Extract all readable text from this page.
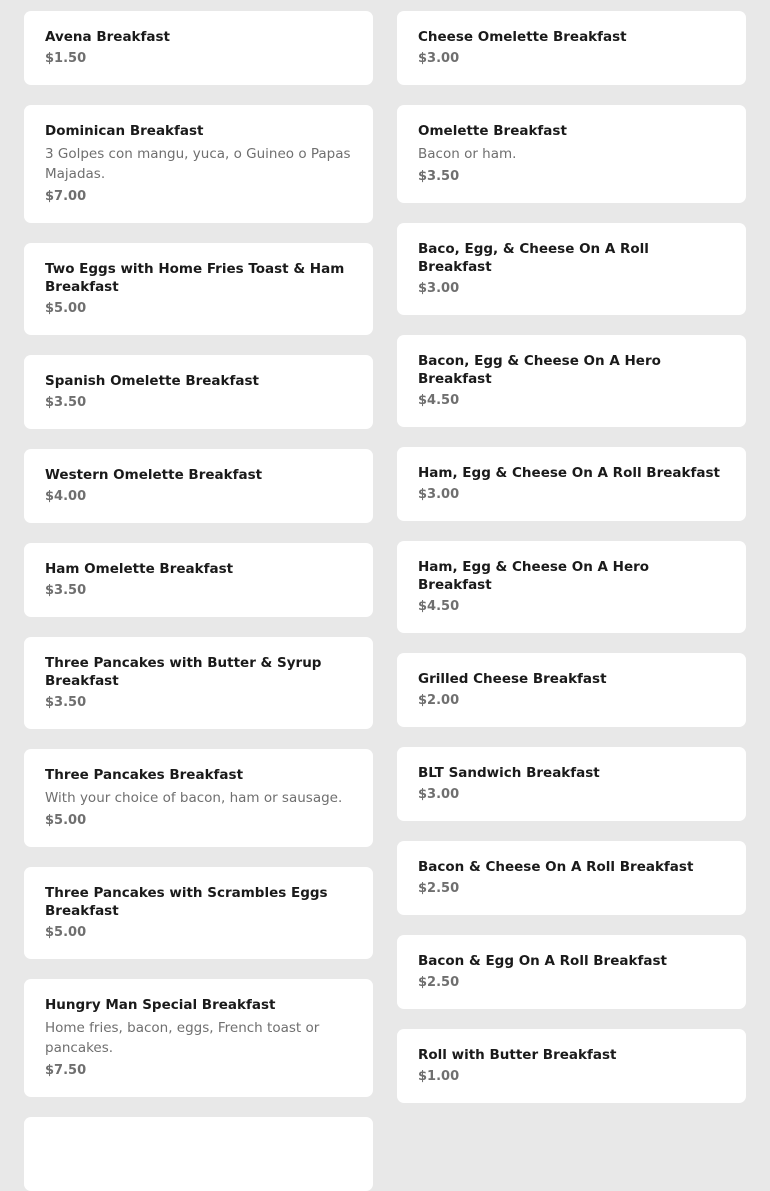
Avena Breakfast
$1.50
Dominican Breakfast
3 Golpes con mangu, yuca, o Guineo o Papas Majadas.
$7.00
Two Eggs with Home Fries Toast & Ham Breakfast
$5.00
Spanish Omelette Breakfast
$3.50
Western Omelette Breakfast
$4.00
Ham Omelette Breakfast
$3.50
Three Pancakes with Butter & Syrup Breakfast
$3.50
Three Pancakes Breakfast
With your choice of bacon, ham or sausage.
$5.00
Three Pancakes with Scrambles Eggs Breakfast
$5.00
Hungry Man Special Breakfast
Home fries, bacon, eggs, French toast or pancakes.
$7.50

Cheese Omelette Breakfast
$3.00
Omelette Breakfast
Bacon or ham.
$3.50
Baco, Egg, & Cheese On A Roll Breakfast
$3.00
Bacon, Egg & Cheese On A Hero Breakfast
$4.50
Ham, Egg & Cheese On A Roll Breakfast
$3.00
Ham, Egg & Cheese On A Hero Breakfast
$4.50
Grilled Cheese Breakfast
$2.00
BLT Sandwich Breakfast
$3.00
Bacon & Cheese On A Roll Breakfast
$2.50
Bacon & Egg On A Roll Breakfast
$2.50
Roll with Butter Breakfast
$1.00
